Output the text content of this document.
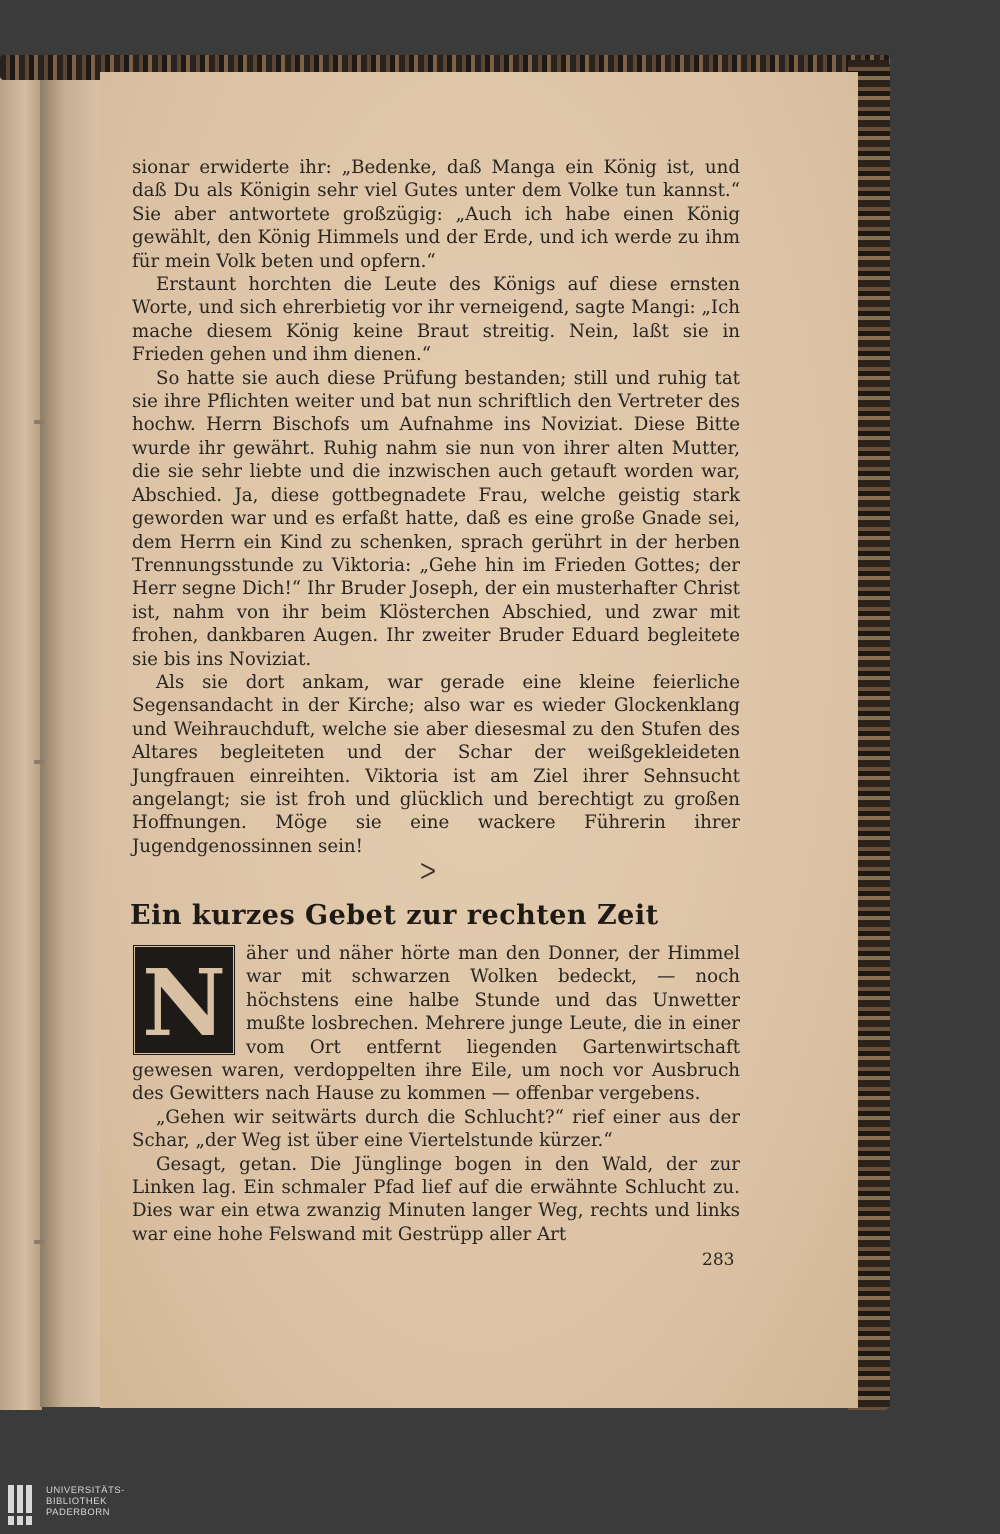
sionar erwiderte ihr: „Bedenke, daß Manga ein König ist, und daß Du als Königin sehr viel Gutes unter dem Volke tun kannst.“ Sie aber antwortete großzügig: „Auch ich habe einen König gewählt, den König Himmels und der Erde, und ich werde zu ihm für mein Volk beten und opfern.“

Erstaunt horchten die Leute des Königs auf diese ernsten Worte, und sich ehrerbietig vor ihr verneigend, sagte Mangi: „Ich mache diesem König keine Braut streitig. Nein, laßt sie in Frieden gehen und ihm dienen.“

So hatte sie auch diese Prüfung bestanden; still und ruhig tat sie ihre Pflichten weiter und bat nun schriftlich den Vertreter des hochw. Herrn Bischofs um Aufnahme ins Noviziat. Diese Bitte wurde ihr gewährt. Ruhig nahm sie nun von ihrer alten Mutter, die sie sehr liebte und die inzwischen auch getauft worden war, Abschied. Ja, diese gottbegnadete Frau, welche geistig stark geworden war und es erfaßt hatte, daß es eine große Gnade sei, dem Herrn ein Kind zu schenken, sprach gerührt in der herben Trennungsstunde zu Viktoria: „Gehe hin im Frieden Gottes; der Herr segne Dich!“ Ihr Bruder Joseph, der ein musterhafter Christ ist, nahm von ihr beim Klösterchen Abschied, und zwar mit frohen, dankbaren Augen. Ihr zweiter Bruder Eduard begleitete sie bis ins Noviziat.

Als sie dort ankam, war gerade eine kleine feierliche Segensandacht in der Kirche; also war es wieder Glockenklang und Weihrauchduft, welche sie aber diesesmal zu den Stufen des Altares begleiteten und der Schar der weißgekleideten Jungfrauen einreihten. Viktoria ist am Ziel ihrer Sehnsucht angelangt; sie ist froh und glücklich und berechtigt zu großen Hoffnungen. Möge sie eine wackere Führerin ihrer Jugendgenossinnen sein!

ᐳ
Ein kurzes Gebet zur rechten Zeit
N	äher und näher hörte man den Donner, der Himmel war mit schwarzen Wolken bedeckt, — noch höchstens eine halbe Stunde und das Unwetter mußte losbrechen. Mehrere junge Leute, die in einer vom Ort entfernt liegenden Gartenwirtschaft gewesen waren, verdoppelten ihre Eile, um noch vor Ausbruch des Gewitters nach Hause zu kommen — offenbar vergebens.

„Gehen wir seitwärts durch die Schlucht?“ rief einer aus der Schar, „der Weg ist über eine Viertelstunde kürzer.“

Gesagt, getan. Die Jünglinge bogen in den Wald, der zur Linken lag. Ein schmaler Pfad lief auf die erwähnte Schlucht zu. Dies war ein etwa zwanzig Minuten langer Weg, rechts und links war eine hohe Felswand mit Gestrüpp aller Art

283
UNIVERSITÄTS-
BIBLIOTHEK
PADERBORN
